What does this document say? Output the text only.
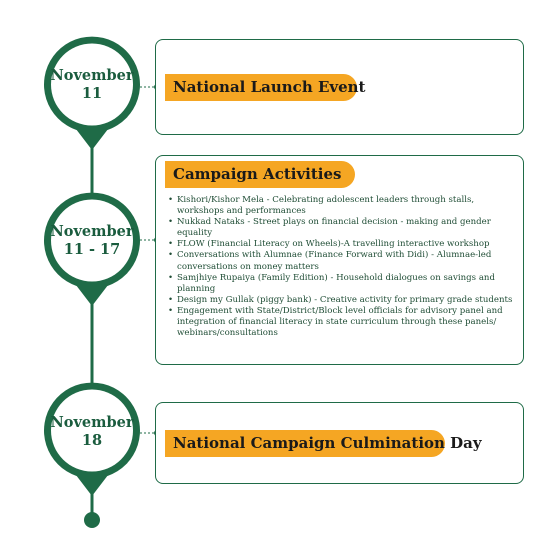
November
11
November
11 - 17
November
18
National Launch Event
Campaign Activities
National Campaign Culmination Day
• Kishori/Kishor Mela - Celebrating adolescent leaders through stalls, workshops and performances
• Nukkad Nataks - Street plays on financial decision - making and gender equality
• FLOW (Financial Literacy on Wheels)-A travelling interactive workshop
• Conversations with Alumnae (Finance Forward with Didi) - Alumnae-led conversations on money matters
• Samjhiye Rupaiya (Family Edition) - Household dialogues on savings and planning
• Design my Gullak (piggy bank) - Creative activity for primary grade students
• Engagement with State/District/Block level officials for advisory panel and integration of financial literacy in state curriculum through these panels/ webinars/consultations
